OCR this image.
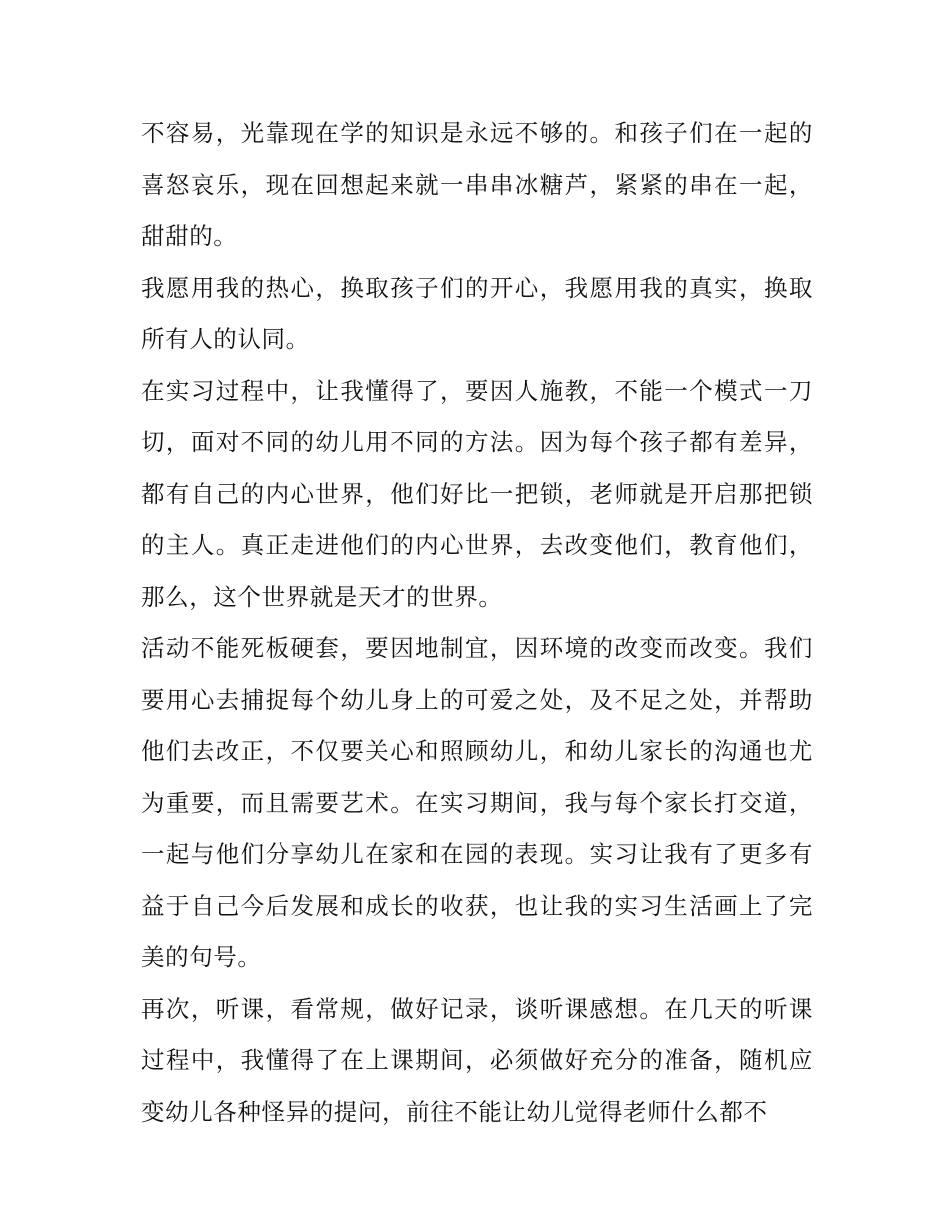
不容易，光靠现在学的知识是永远不够的。和孩子们在一起的喜怒哀乐，现在回想起来就一串串冰糖芦，紧紧的串在一起，甜甜的。

我愿用我的热心，换取孩子们的开心，我愿用我的真实，换取所有人的认同。

在实习过程中，让我懂得了，要因人施教，不能一个模式一刀切，面对不同的幼儿用不同的方法。因为每个孩子都有差异，都有自己的内心世界，他们好比一把锁，老师就是开启那把锁的主人。真正走进他们的内心世界，去改变他们，教育他们，那么，这个世界就是天才的世界。

活动不能死板硬套，要因地制宜，因环境的改变而改变。我们要用心去捕捉每个幼儿身上的可爱之处，及不足之处，并帮助他们去改正，不仅要关心和照顾幼儿，和幼儿家长的沟通也尤为重要，而且需要艺术。在实习期间，我与每个家长打交道，一起与他们分享幼儿在家和在园的表现。实习让我有了更多有益于自己今后发展和成长的收获，也让我的实习生活画上了完美的句号。

再次，听课，看常规，做好记录，谈听课感想。在几天的听课过程中，我懂得了在上课期间，必须做好充分的准备，随机应变幼儿各种怪异的提问，前往不能让幼儿觉得老师什么都不
